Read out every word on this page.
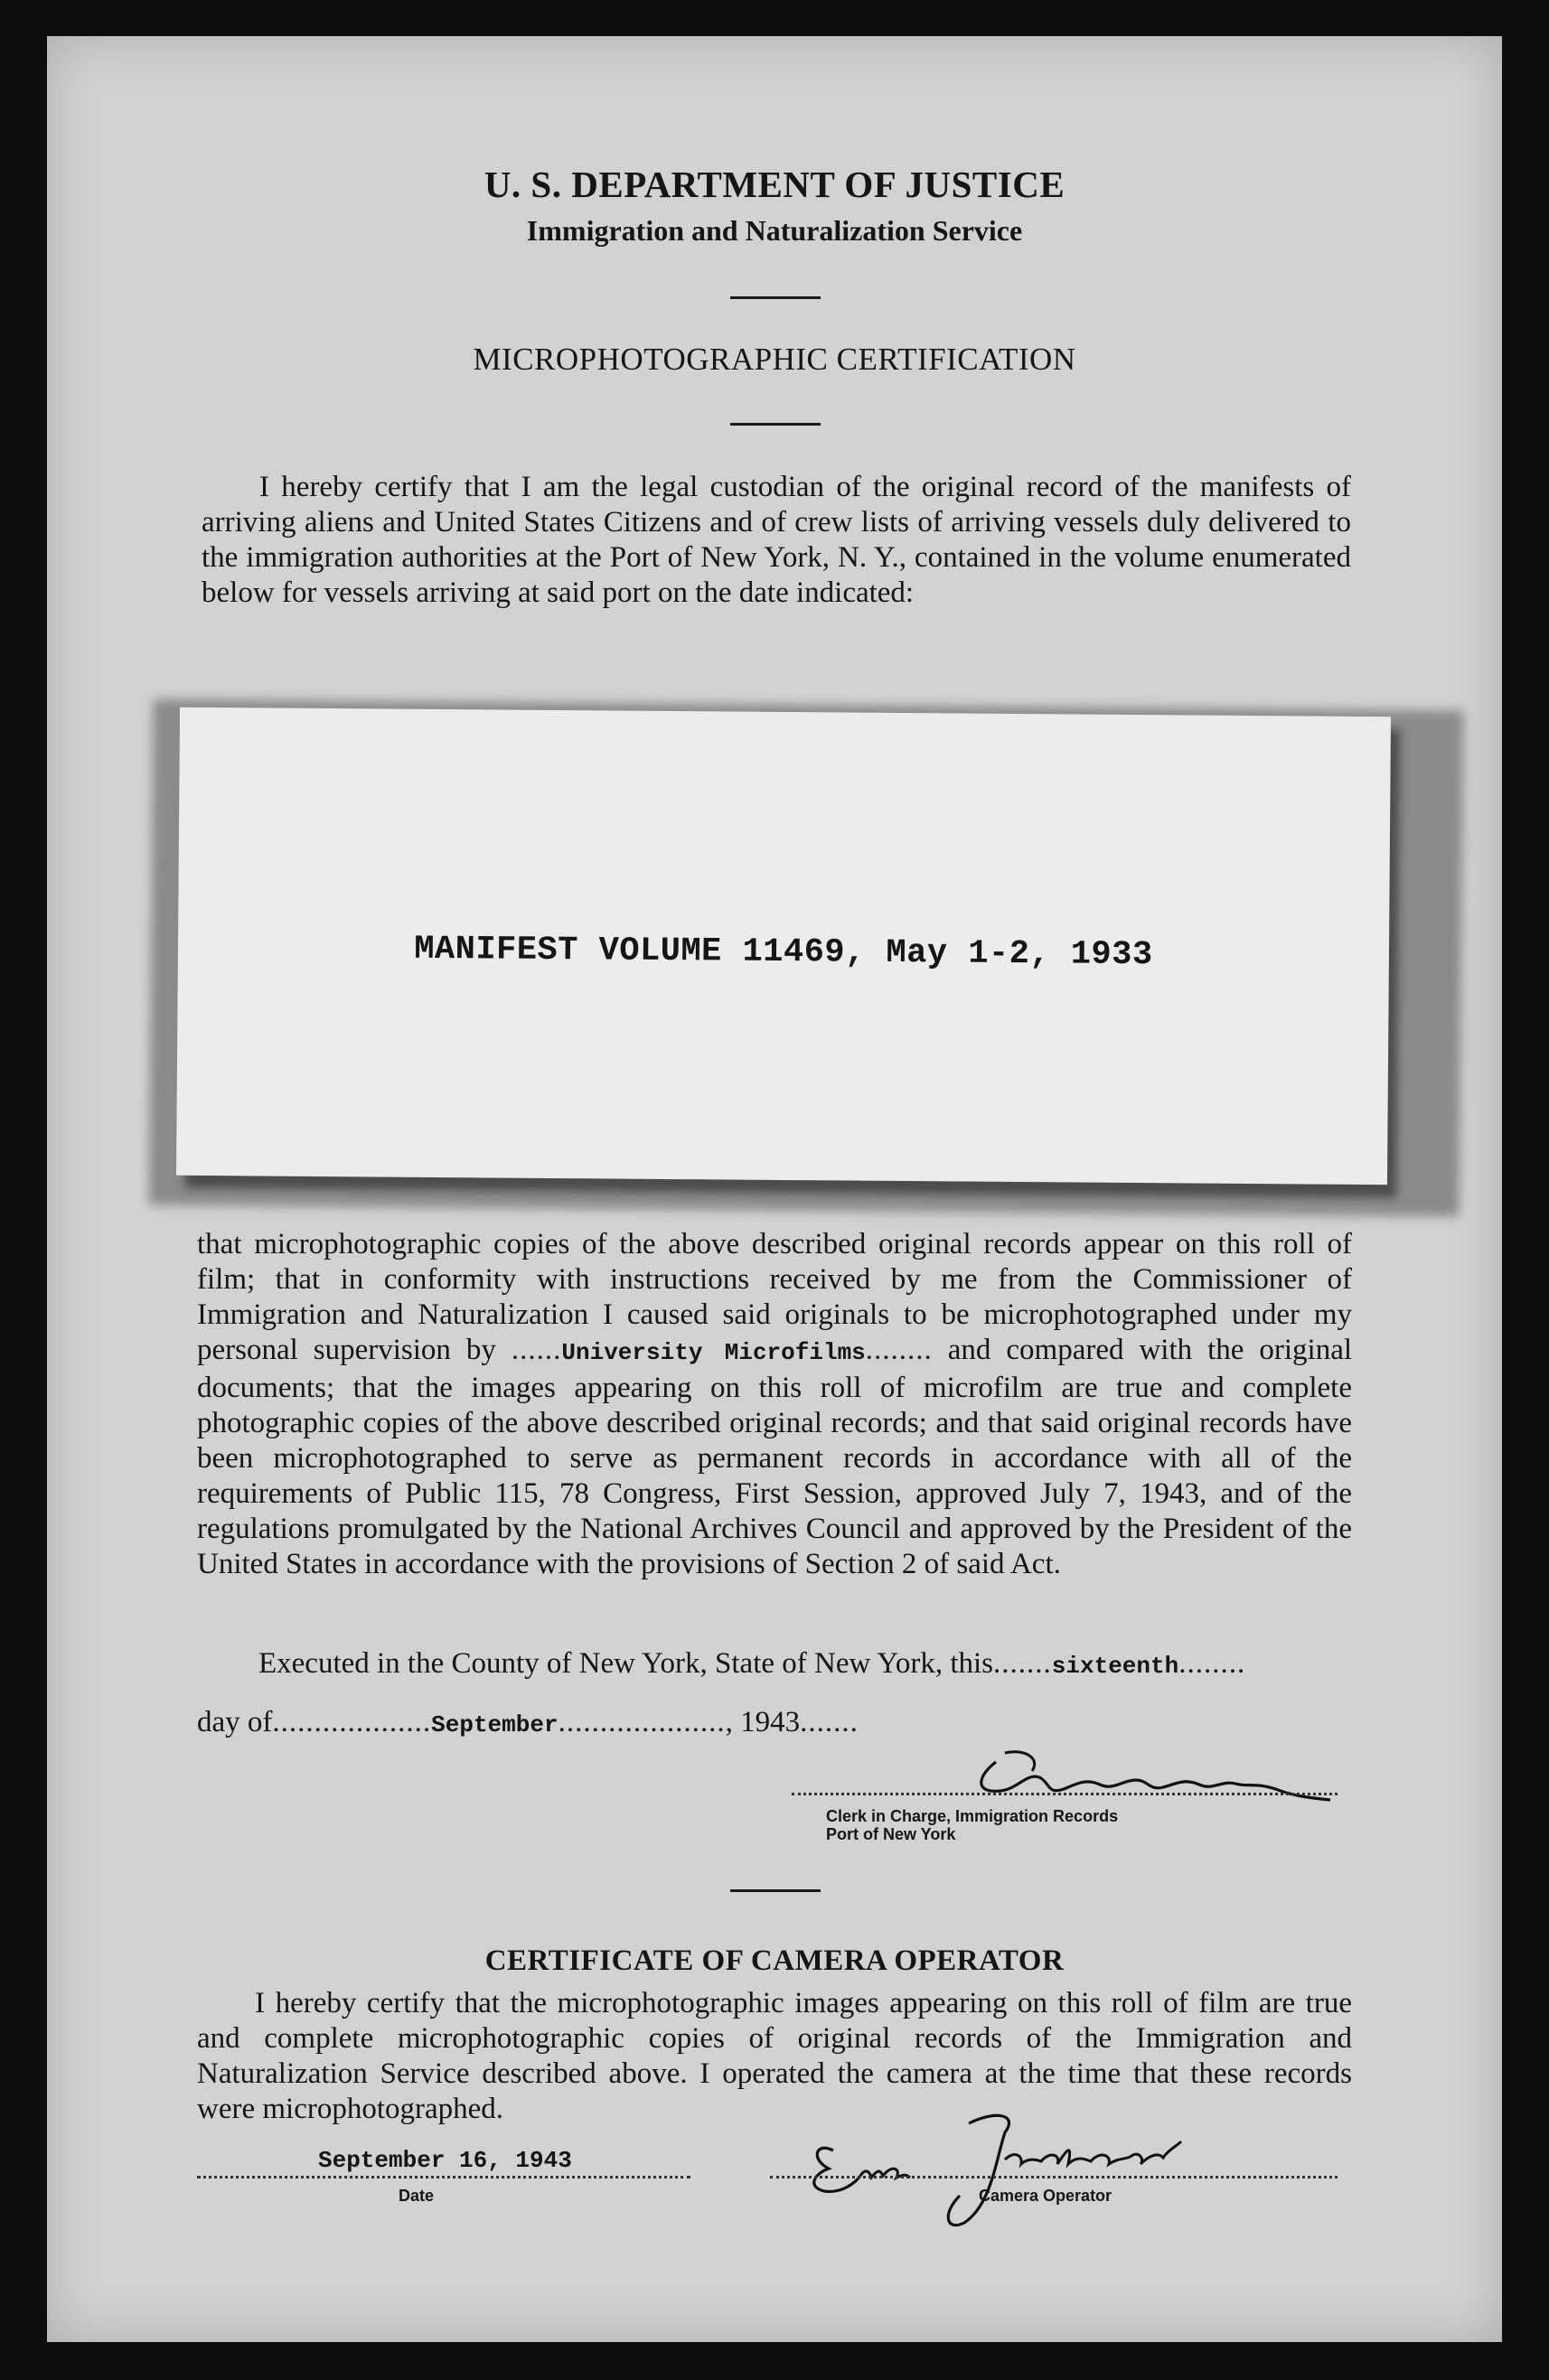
U. S. DEPARTMENT OF JUSTICE
Immigration and Naturalization Service
MICROPHOTOGRAPHIC CERTIFICATION
I hereby certify that I am the legal custodian of the original record of the manifests of arriving aliens and United States Citizens and of crew lists of arriving vessels duly delivered to the immigration authorities at the Port of New York, N. Y., contained in the volume enumerated below for vessels arriving at said port on the date indicated:
MANIFEST VOLUME 11469, May 1-2, 1933
that microphotographic copies of the above described original records appear on this roll of film; that in conformity with instructions received by me from the Commissioner of Immigration and Naturalization I caused said originals to be microphotographed under my personal supervision by ......University Microfilms........ and compared with the original documents; that the images appearing on this roll of microfilm are true and complete photographic copies of the above described original records; and that said original records have been microphotographed to serve as permanent records in accordance with all of the requirements of Public 115, 78 Congress, First Session, approved July 7, 1943, and of the regulations promulgated by the National Archives Council and approved by the President of the United States in accordance with the provisions of Section 2 of said Act.
Executed in the County of New York, State of New York, this.......sixteenth........
day of...................September...................., 1943.......
Clerk in Charge, Immigration Records
Port of New York
CERTIFICATE OF CAMERA OPERATOR
I hereby certify that the microphotographic images appearing on this roll of film are true and complete microphotographic copies of original records of the Immigration and Naturalization Service described above. I operated the camera at the time that these records were microphotographed.
September 16, 1943
Date	Camera Operator
